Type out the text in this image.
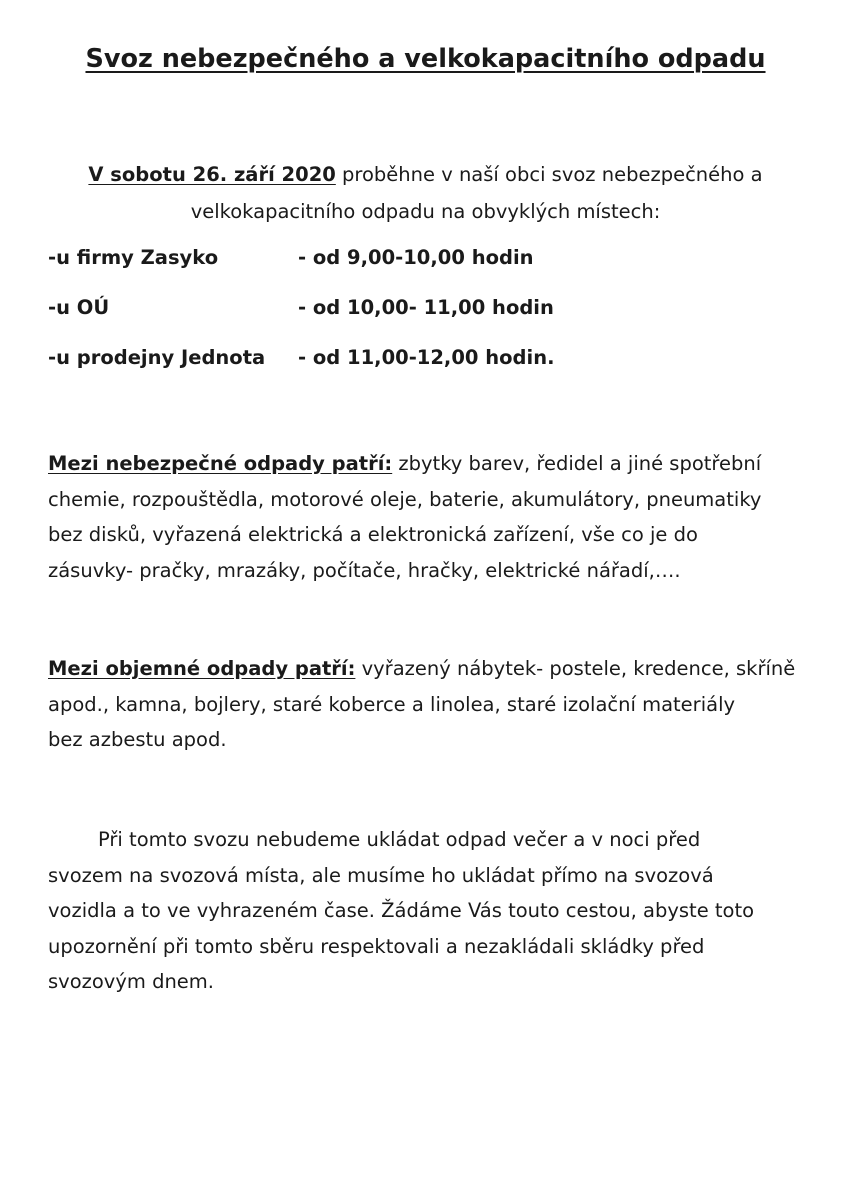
Svoz nebezpečného a velkokapacitního odpadu
V sobotu 26. září 2020 proběhne v naší obci svoz nebezpečného a
velkokapacitního odpadu na obvyklých místech:
-u firmy Zasyko	- od 9,00-10,00 hodin
-u OÚ	- od 10,00- 11,00 hodin
-u prodejny Jednota - od 11,00-12,00 hodin.
Mezi nebezpečné odpady patří: zbytky barev, ředidel a jiné spotřební
chemie, rozpouštědla, motorové oleje, baterie, akumulátory, pneumatiky
bez disků, vyřazená elektrická a elektronická zařízení, vše co je do
zásuvky- pračky, mrazáky, počítače, hračky, elektrické nářadí,….
Mezi objemné odpady patří: vyřazený nábytek- postele, kredence, skříně
apod., kamna, bojlery, staré koberce a linolea, staré izolační materiály
bez azbestu apod.
Při tomto svozu nebudeme ukládat odpad večer a v noci před
svozem na svozová místa, ale musíme ho ukládat přímo na svozová
vozidla a to ve vyhrazeném čase. Žádáme Vás touto cestou, abyste toto
upozornění při tomto sběru respektovali a nezakládali skládky před
svozovým dnem.
